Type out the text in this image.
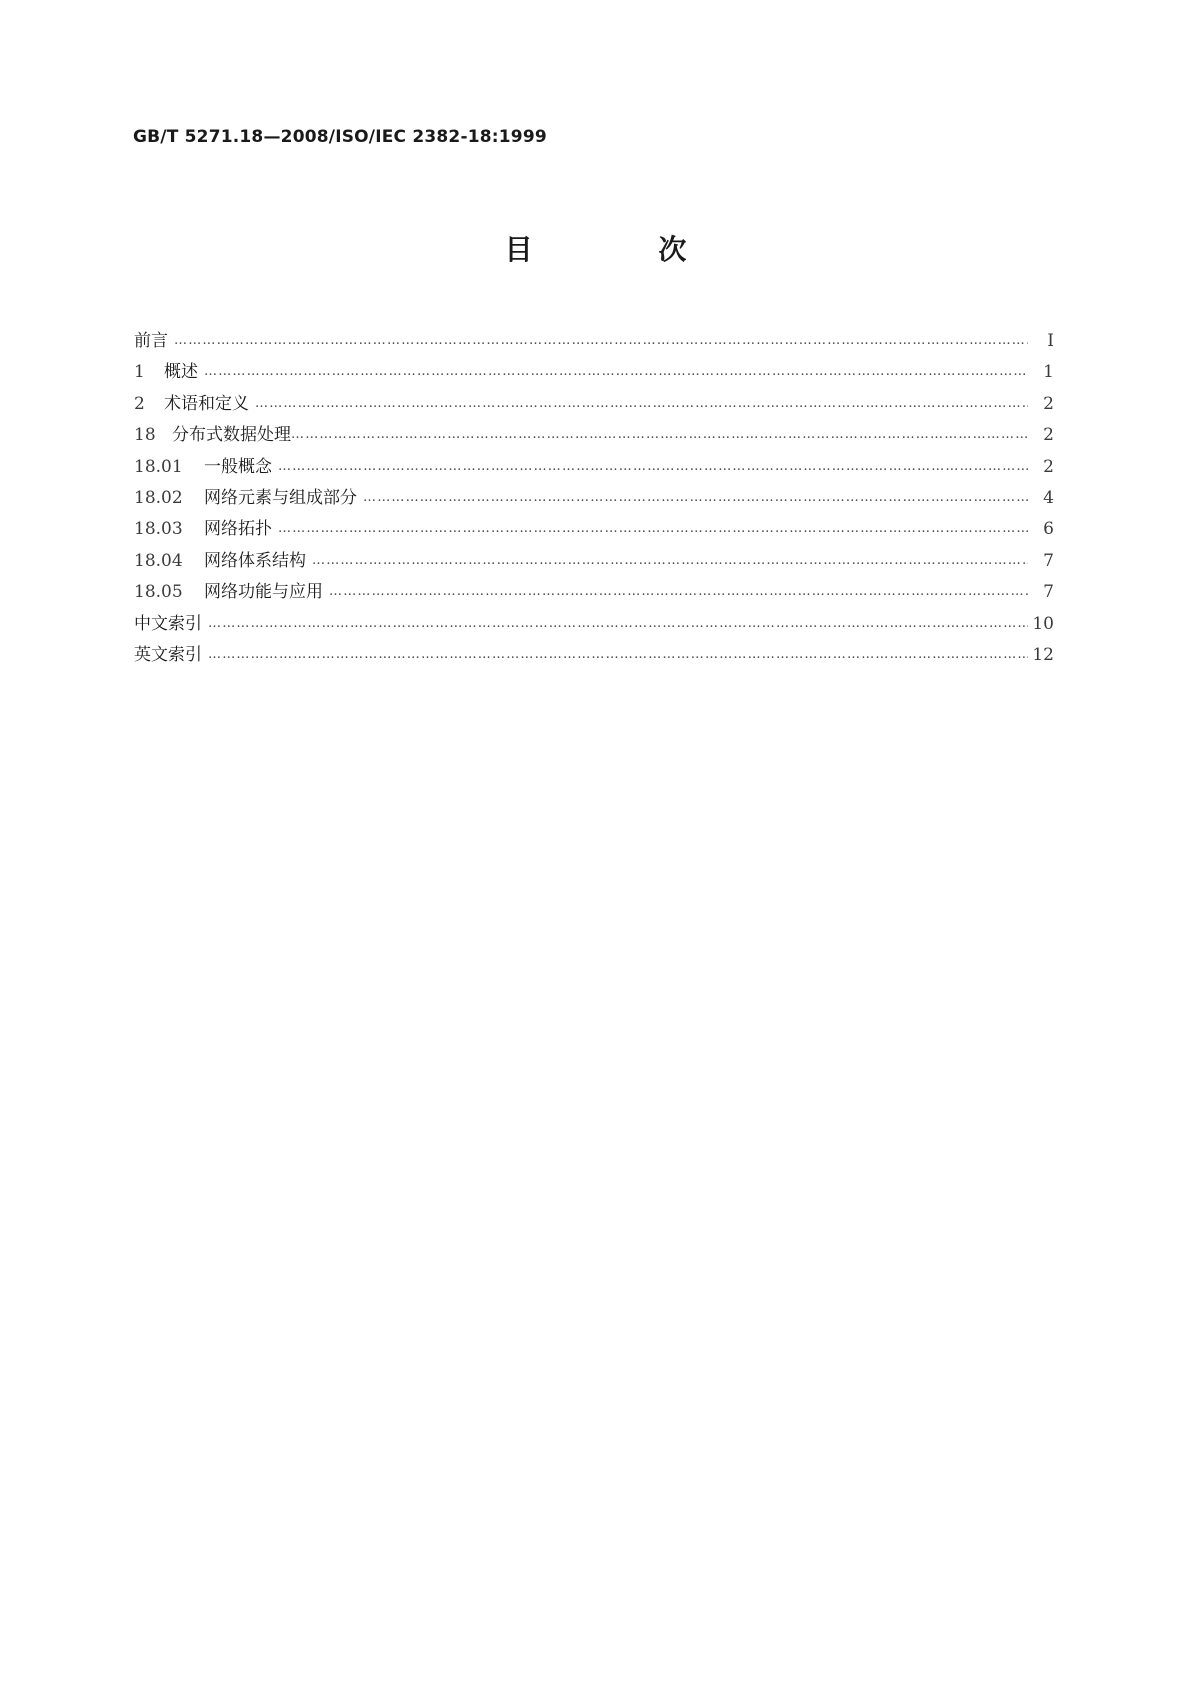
GB/T 5271.18—2008/ISO/IEC 2382-18:1999
目 次
前言 …………………………………………………………………………………………………………………………………………………………………………………………………………	I
1	概述 …………………………………………………………………………………………………………………………………………………………………………………………………………	1
2	术语和定义 …………………………………………………………………………………………………………………………………………………………………………………………………………	2
18 分布式数据处理 …………………………………………………………………………………………………………………………………………………………………………………………………………	2
18.01	一般概念 …………………………………………………………………………………………………………………………………………………………………………………………………………	2
18.02	网络元素与组成部分 …………………………………………………………………………………………………………………………………………………………………………………………………………	4
18.03	网络拓扑 …………………………………………………………………………………………………………………………………………………………………………………………………………	6
18.04	网络体系结构 …………………………………………………………………………………………………………………………………………………………………………………………………………	7
18.05	网络功能与应用 …………………………………………………………………………………………………………………………………………………………………………………………………………	7
中文索引 …………………………………………………………………………………………………………………………………………………………………………………………………………	10
英文索引 …………………………………………………………………………………………………………………………………………………………………………………………………………	12
